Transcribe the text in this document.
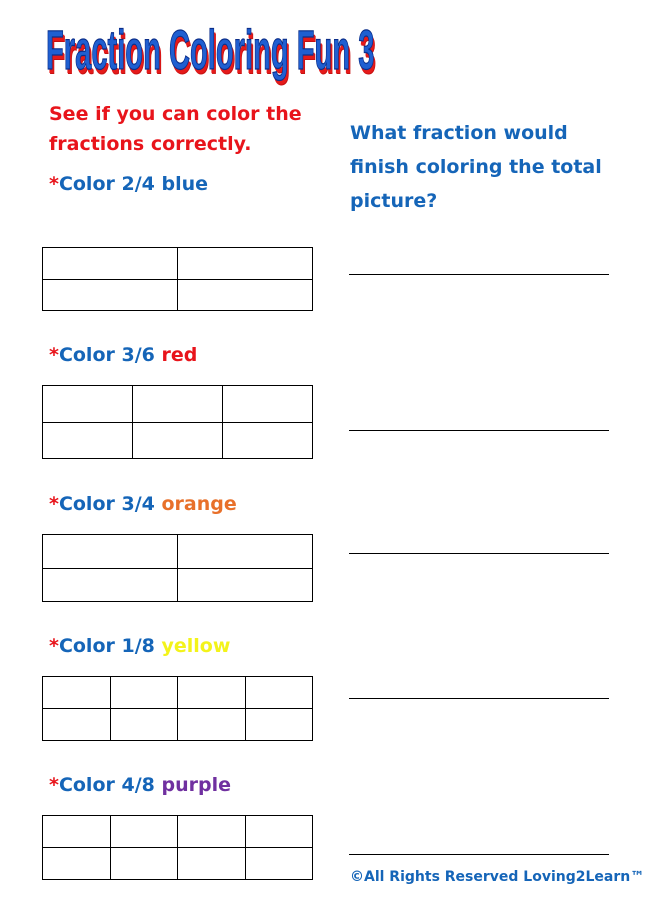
Fraction Coloring Fun 3
See if you can color the fractions correctly.
*Color 2/4 blue

*Color 3/6 red

*Color 3/4 orange

*Color 1/8 yellow

*Color 4/8 purple

What fraction would finish coloring the total picture?
©All Rights Reserved Loving2Learn™
